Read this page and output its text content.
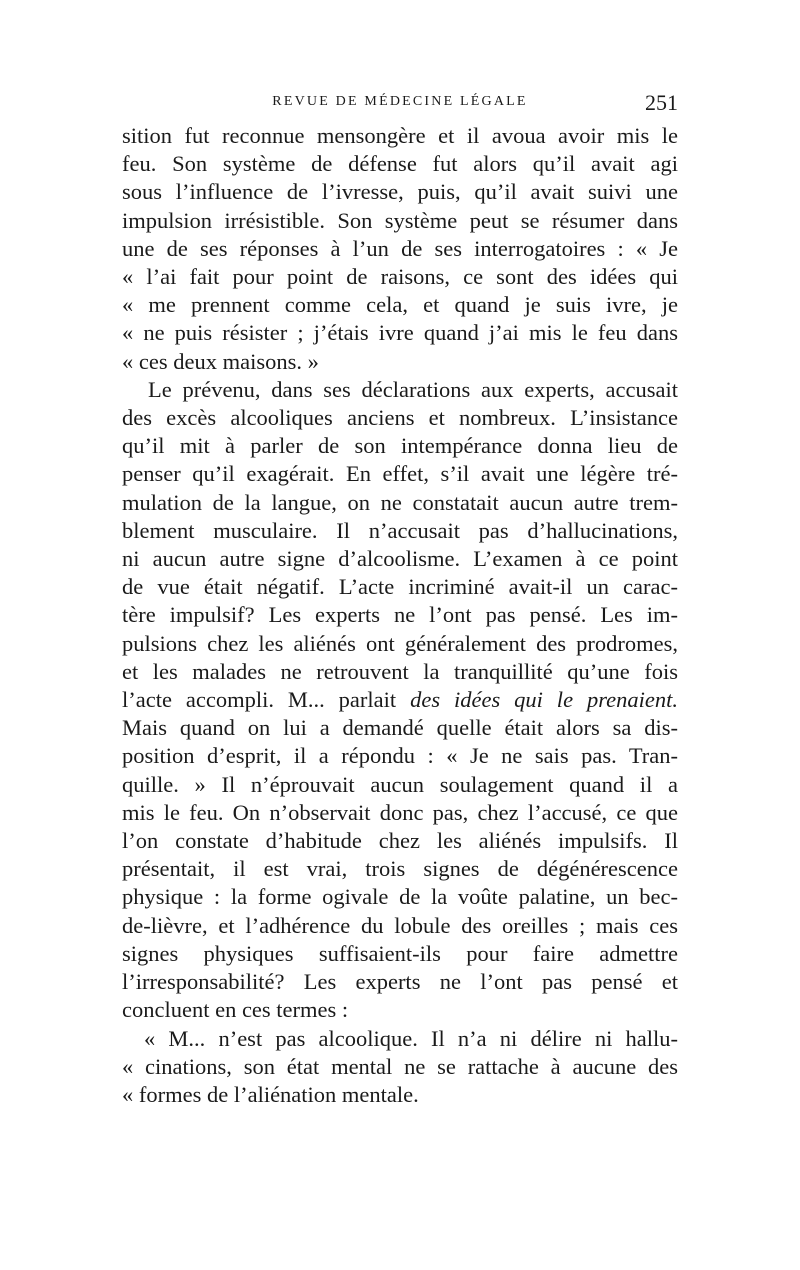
REVUE DE MÉDECINE LÉGALE	251
sition fut reconnue mensongère et il avoua avoir mis le
feu. Son système de défense fut alors qu’il avait agi
sous l’influence de l’ivresse, puis, qu’il avait suivi une
impulsion irrésistible. Son système peut se résumer dans
une de ses réponses à l’un de ses interrogatoires : « Je
« l’ai fait pour point de raisons, ce sont des idées qui
« me prennent comme cela, et quand je suis ivre, je
« ne puis résister ; j’étais ivre quand j’ai mis le feu dans
« ces deux maisons. »
Le prévenu, dans ses déclarations aux experts, accusait
des excès alcooliques anciens et nombreux. L’insistance
qu’il mit à parler de son intempérance donna lieu de
penser qu’il exagérait. En effet, s’il avait une légère tré-
mulation de la langue, on ne constatait aucun autre trem-
blement musculaire. Il n’accusait pas d’hallucinations,
ni aucun autre signe d’alcoolisme. L’examen à ce point
de vue était négatif. L’acte incriminé avait-il un carac-
tère impulsif? Les experts ne l’ont pas pensé. Les im-
pulsions chez les aliénés ont généralement des prodromes,
et les malades ne retrouvent la tranquillité qu’une fois
l’acte accompli. M... parlait des idées qui le prenaient.
Mais quand on lui a demandé quelle était alors sa dis-
position d’esprit, il a répondu : « Je ne sais pas. Tran-
quille. » Il n’éprouvait aucun soulagement quand il a
mis le feu. On n’observait donc pas, chez l’accusé, ce que
l’on constate d’habitude chez les aliénés impulsifs. Il
présentait, il est vrai, trois signes de dégénérescence
physique : la forme ogivale de la voûte palatine, un bec-
de-lièvre, et l’adhérence du lobule des oreilles ; mais ces
signes physiques suffisaient-ils pour faire admettre
l’irresponsabilité? Les experts ne l’ont pas pensé et
concluent en ces termes :
« M... n’est pas alcoolique. Il n’a ni délire ni hallu-
« cinations, son état mental ne se rattache à aucune des
« formes de l’aliénation mentale.
